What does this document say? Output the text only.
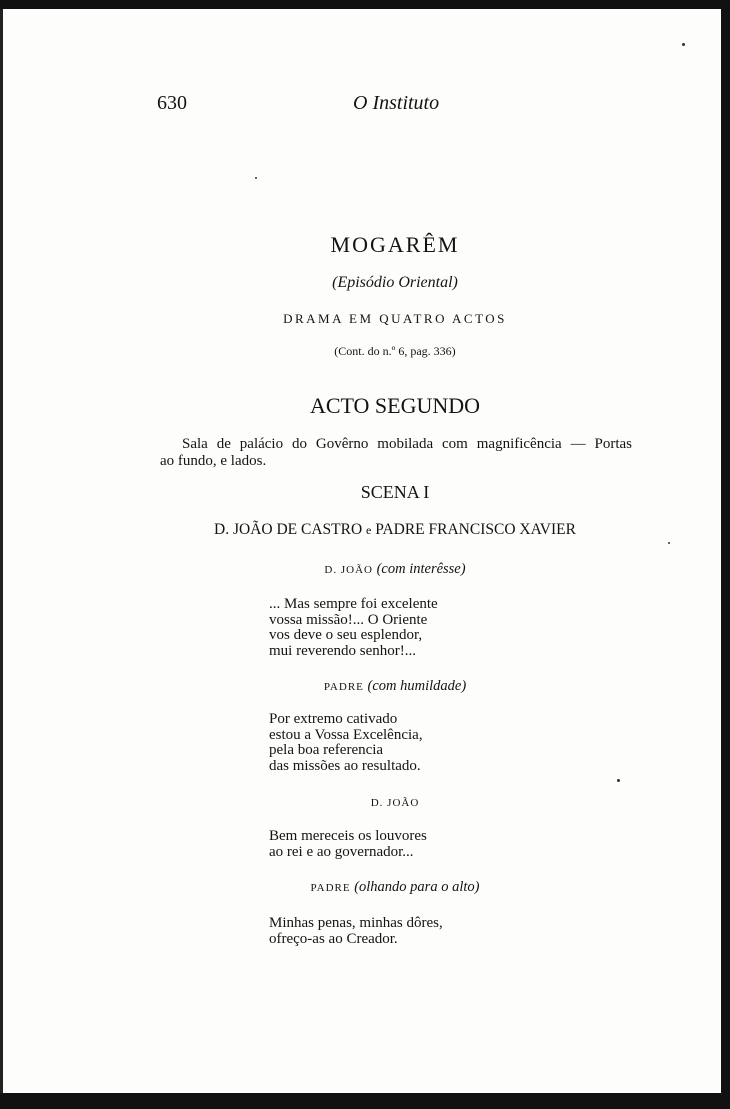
630	O Instituto
MOGARÊM
(Episódio Oriental)
DRAMA EM QUATRO ACTOS
(Cont. do n.º 6, pag. 336)
ACTO SEGUNDO
Sala de palácio do Govêrno mobilada com magnificência — Portas
ao fundo, e lados.
SCENA I
D. JOÃO DE CASTRO e PADRE FRANCISCO XAVIER
D. JOÃO (com interêsse)
... Mas sempre foi excelente
vossa missão!... O Oriente
vos deve o seu esplendor,
mui reverendo senhor!...
PADRE (com humildade)
Por extremo cativado
estou a Vossa Excelência,
pela boa referencia
das missões ao resultado.
D. JOÃO
Bem mereceis os louvores
ao rei e ao governador...
PADRE (olhando para o alto)
Minhas penas, minhas dôres,
ofreço-as ao Creador.
